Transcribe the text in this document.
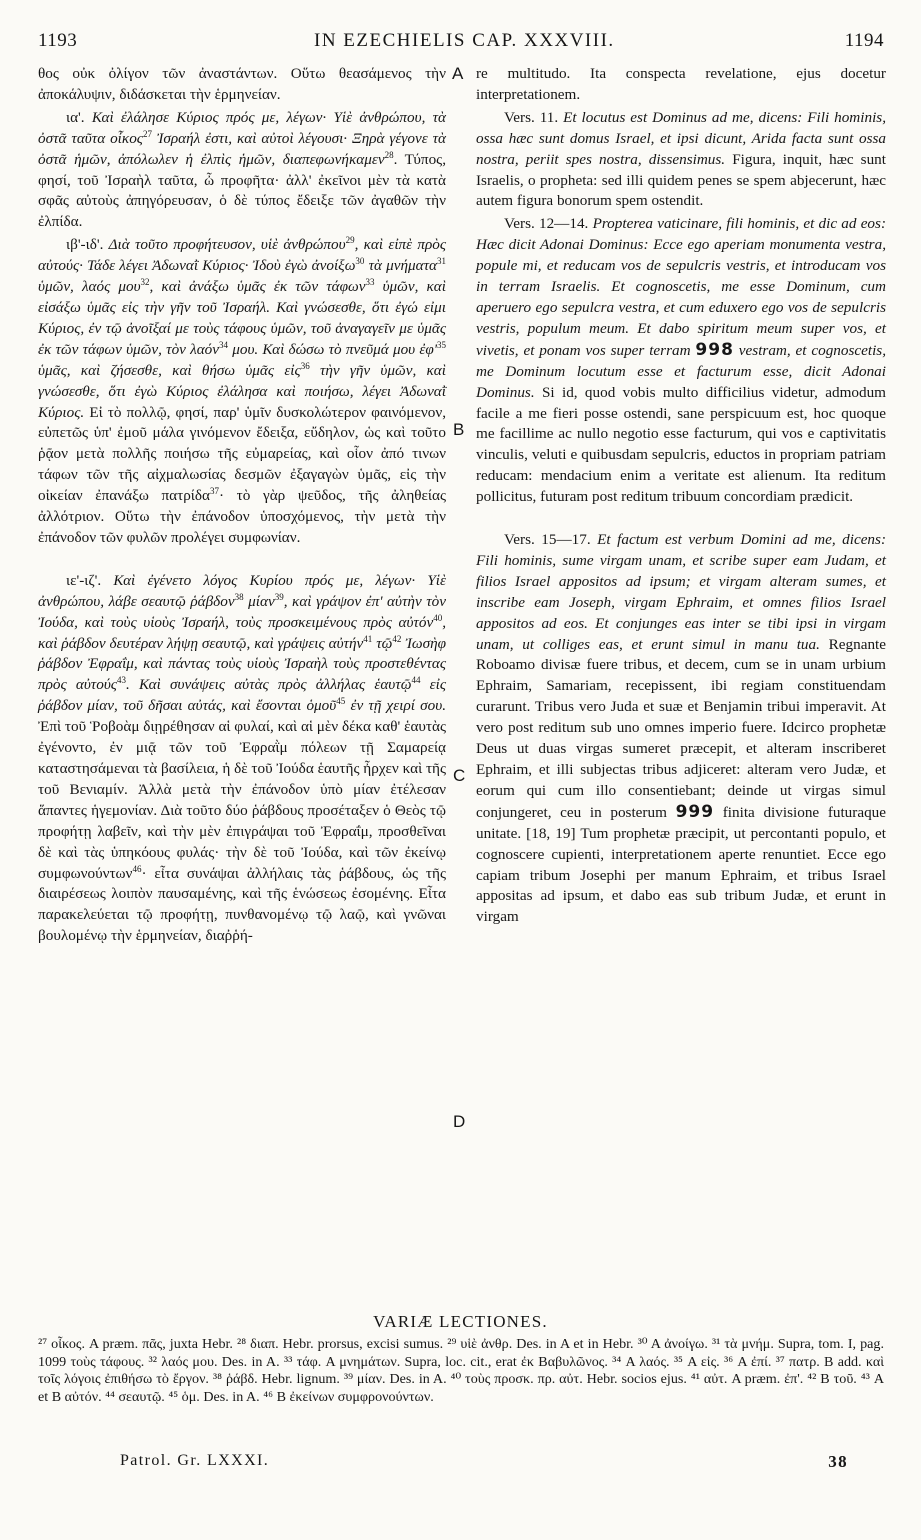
1193	IN EZECHIELIS CAP. XXXVIII.	1194

θος οὐκ ὀλίγον τῶν ἀναστάντων. Οὕτω θεασάμενος τὴν ἀποκάλυψιν, διδάσκεται τὴν ἑρμηνείαν.

ια'. Καὶ ἐλάλησε Κύριος πρός με, λέγων· Υἱὲ ἀνθρώπου, τὰ ὀστᾶ ταῦτα οἶκος$^{27}$ Ἰσραήλ ἐστι, καὶ αὐτοὶ λέγουσι· Ξηρὰ γέγονε τὰ ὀστᾶ ἡμῶν, ἀπόλωλεν ἡ ἐλπὶς ἡμῶν, διαπεφωνήκαμεν$^{28}$. Τύπος, φησί, τοῦ Ἰσραὴλ ταῦτα, ὦ προφῆτα· ἀλλ' ἐκεῖνοι μὲν τὰ κατὰ σφᾶς αὐτοὺς ἀπηγόρευσαν, ὁ δὲ τύπος ἔδειξε τῶν ἀγαθῶν τὴν ἐλπίδα.

ιβ'-ιδ'. Διὰ τοῦτο προφήτευσον, υἱὲ ἀνθρώπου$^{29}$, καὶ εἰπὲ πρὸς αὐτούς· Τάδε λέγει Ἀδωναῒ Κύριος· Ἰδοὺ ἐγὼ ἀνοίξω$^{30}$ τὰ μνήματα$^{31}$ ὑμῶν, λαός μου$^{32}$, καὶ ἀνάξω ὑμᾶς ἐκ τῶν τάφων$^{33}$ ὑμῶν, καὶ εἰσάξω ὑμᾶς εἰς τὴν γῆν τοῦ Ἰσραήλ. Καὶ γνώσεσθε, ὅτι ἐγώ εἰμι Κύριος, ἐν τῷ ἀνοῖξαί με τοὺς τάφους ὑμῶν, τοῦ ἀναγαγεῖν με ὑμᾶς ἐκ τῶν τάφων ὑμῶν, τὸν λαόν$^{34}$ μου. Καὶ δώσω τὸ πνεῦμά μου $ἐ\varphi'^{35}$ ὑμᾶς, καὶ ζήσεσθε, καὶ θήσω ὑμᾶς εἰς$^{36}$ τὴν γῆν ὑμῶν, καὶ γνώσεσθε, ὅτι ἐγὼ Κύριος ἐλάλησα καὶ ποιήσω, λέγει Ἀδωναῒ Κύριος. Εἰ τὸ πολλῷ, φησί, παρ' ὑμῖν δυσκολώτερον φαινόμενον, εὐπετῶς ὑπ' ἐμοῦ μάλα γινόμενον ἔδειξα, εὔδηλον, ὡς καὶ τοῦτο ῥᾷον μετὰ πολλῆς ποιήσω τῆς εὐμαρείας, καὶ οἷον ἀπό τινων τάφων τῶν τῆς αἰχμαλωσίας δεσμῶν ἐξαγαγὼν ὑμᾶς, εἰς τὴν οἰκείαν ἐπανάξω πατρίδα$^{37}$· τὸ γὰρ ψεῦδος, τῆς ἀληθείας ἀλλότριον. Οὕτω τὴν ἐπάνοδον ὑποσχόμενος, τὴν μετὰ τὴν ἐπάνοδον τῶν φυλῶν προλέγει συμφωνίαν.

ιε'-ιζ'. Καὶ ἐγένετο λόγος Κυρίου πρός με, λέγων· Υἱὲ ἀνθρώπου, λάβε σεαυτῷ ῥάβδον$^{38}$ μίαν$^{39}$, καὶ γράψον ἐπ' αὐτὴν τὸν Ἰούδα, καὶ τοὺς υἱοὺς Ἰσραήλ, τοὺς προσκειμένους πρὸς αὐτόν$^{40}$, καὶ ῥάβδον δευτέραν λήψῃ σεαυτῷ, καὶ γράψεις αὐτήν$^{41}$ τῷ$^{42}$ Ἰωσὴφ ῥάβδον Ἐφραΐμ, καὶ πάντας τοὺς υἱοὺς Ἰσραὴλ τοὺς προστεθέντας πρὸς αὐτούς$^{43}$. Καὶ συνάψεις αὐτὰς πρὸς ἀλλήλας ἑαυτῷ$^{44}$ εἰς ῥάβδον μίαν, τοῦ δῆσαι αὐτάς, καὶ ἔσονται ὁμοῦ$^{45}$ ἐν τῇ χειρί σου. Ἐπὶ τοῦ Ῥοβοὰμ διῃρέθησαν αἱ φυλαί, καὶ αἱ μὲν δέκα καθ' ἑαυτὰς ἐγένοντο, ἐν μιᾷ τῶν τοῦ Ἐφραῒμ πόλεων τῇ Σαμαρείᾳ καταστησάμεναι τὰ βασίλεια, ἡ δὲ τοῦ Ἰούδα ἑαυτῆς ἦρχεν καὶ τῆς τοῦ Βενιαμίν. Ἀλλὰ μετὰ τὴν ἐπάνοδον ὑπὸ μίαν ἐτέλεσαν ἅπαντες ἡγεμονίαν. Διὰ τοῦτο δύο ῥάβδους προσέταξεν ὁ Θεὸς τῷ προφήτῃ λαβεῖν, καὶ τὴν μὲν ἐπιγράψαι τοῦ Ἐφραΐμ, προσθεῖναι δὲ καὶ τὰς ὑπηκόους φυλάς· τὴν δὲ τοῦ Ἰούδα, καὶ τῶν ἐκείνῳ συμφωνούντων$^{46}$· εἶτα συνάψαι ἀλλήλαις τὰς ῥάβδους, ὡς τῆς διαιρέσεως λοιπὸν παυσαμένης, καὶ τῆς ἑνώσεως ἐσομένης. Εἶτα παρακελεύεται τῷ προφήτῃ, πυνθανομένῳ τῷ λαῷ, καὶ γνῶναι βουλομένῳ τὴν ἑρμηνείαν, διαῤῥή-

A
B
C
D

re multitudo. Ita conspecta revelatione, ejus docetur interpretationem.

Vers. 11. Et locutus est Dominus ad me, dicens: Fili hominis, ossa hæc sunt domus Israel, et ipsi dicunt, Arida facta sunt ossa nostra, periit spes nostra, dissensimus. Figura, inquit, hæc sunt Israelis, o propheta: sed illi quidem penes se spem abjecerunt, hæc autem figura bonorum spem ostendit.

Vers. 12—14. Propterea vaticinare, fili hominis, et dic ad eos: Hæc dicit Adonai Dominus: Ecce ego aperiam monumenta vestra, popule mi, et reducam vos de sepulcris vestris, et introducam vos in terram Israelis. Et cognoscetis, me esse Dominum, cum aperuero ego sepulcra vestra, et cum eduxero ego vos de sepulcris vestris, populum meum. Et dabo spiritum meum super vos, et vivetis, et ponam vos super terram 998 vestram, et cognoscetis, me Dominum locutum esse et facturum esse, dicit Adonai Dominus. Si id, quod vobis multo difficilius videtur, admodum facile a me fieri posse ostendi, sane perspicuum est, hoc quoque me facillime ac nullo negotio esse facturum, qui vos e captivitatis vinculis, veluti e quibusdam sepulcris, eductos in propriam patriam reducam: mendacium enim a veritate est alienum. Ita reditum pollicitus, futuram post reditum tribuum concordiam prædicit.

Vers. 15—17. Et factum est verbum Domini ad me, dicens: Fili hominis, sume virgam unam, et scribe super eam Judam, et filios Israel appositos ad ipsum; et virgam alteram sumes, et inscribe eam Joseph, virgam Ephraim, et omnes filios Israel appositos ad eos. Et conjunges eas inter se tibi ipsi in virgam unam, ut colliges eas, et erunt simul in manu tua. Regnante Roboamo divisæ fuere tribus, et decem, cum se in unam urbium Ephraim, Samariam, recepissent, ibi regiam constituendam curarunt. Tribus vero Juda et suæ et Benjamin tribui imperavit. At vero post reditum sub uno omnes imperio fuere. Idcirco prophetæ Deus ut duas virgas sumeret præcepit, et alteram inscriberet Ephraim, et illi subjectas tribus adjiceret: alteram vero Judæ, et eorum qui cum illo consentiebant; deinde ut virgas simul conjungeret, ceu in posterum 999 finita divisione futuraque unitate. [18, 19] Tum prophetæ præcipit, ut percontanti populo, et cognoscere cupienti, interpretationem aperte renuntiet. Ecce ego capiam tribum Josephi per manum Ephraim, et tribus Israel appositas ad ipsum, et dabo eas sub tribum Judæ, et erunt in virgam

VARIÆ LECTIONES.
²⁷ οἶκος. A præm. πᾶς, juxta Hebr. ²⁸ διαπ. Hebr. prorsus, excisi sumus. ²⁹ υἱὲ ἀνθρ. Des. in A et in Hebr. ³⁰ A ἀνοίγω. ³¹ τὰ μνήμ. Supra, tom. I, pag. 1099 τοὺς τάφους. ³² λαός μου. Des. in A. ³³ τάφ. A μνημάτων. Supra, loc. cit., erat ἐκ Βαβυλῶνος. ³⁴ A λαός. ³⁵ A εἰς. ³⁶ A ἐπί. ³⁷ πατρ. B add. καὶ τοῖς λόγοις ἐπιθήσω τὸ ἔργον. ³⁸ ῥάβδ. Hebr. lignum. ³⁹ μίαν. Des. in A. ⁴⁰ τοὺς προσκ. πρ. αὐτ. Hebr. socios ejus. ⁴¹ αὐτ. A præm. ἐπ'. ⁴² B τοῦ. ⁴³ A et B αὐτόν. ⁴⁴ σεαυτῷ. ⁴⁵ ὁμ. Des. in A. ⁴⁶ B ἐκείνων συμφρονούντων.
Patrol. Gr. LXXXI.	38
